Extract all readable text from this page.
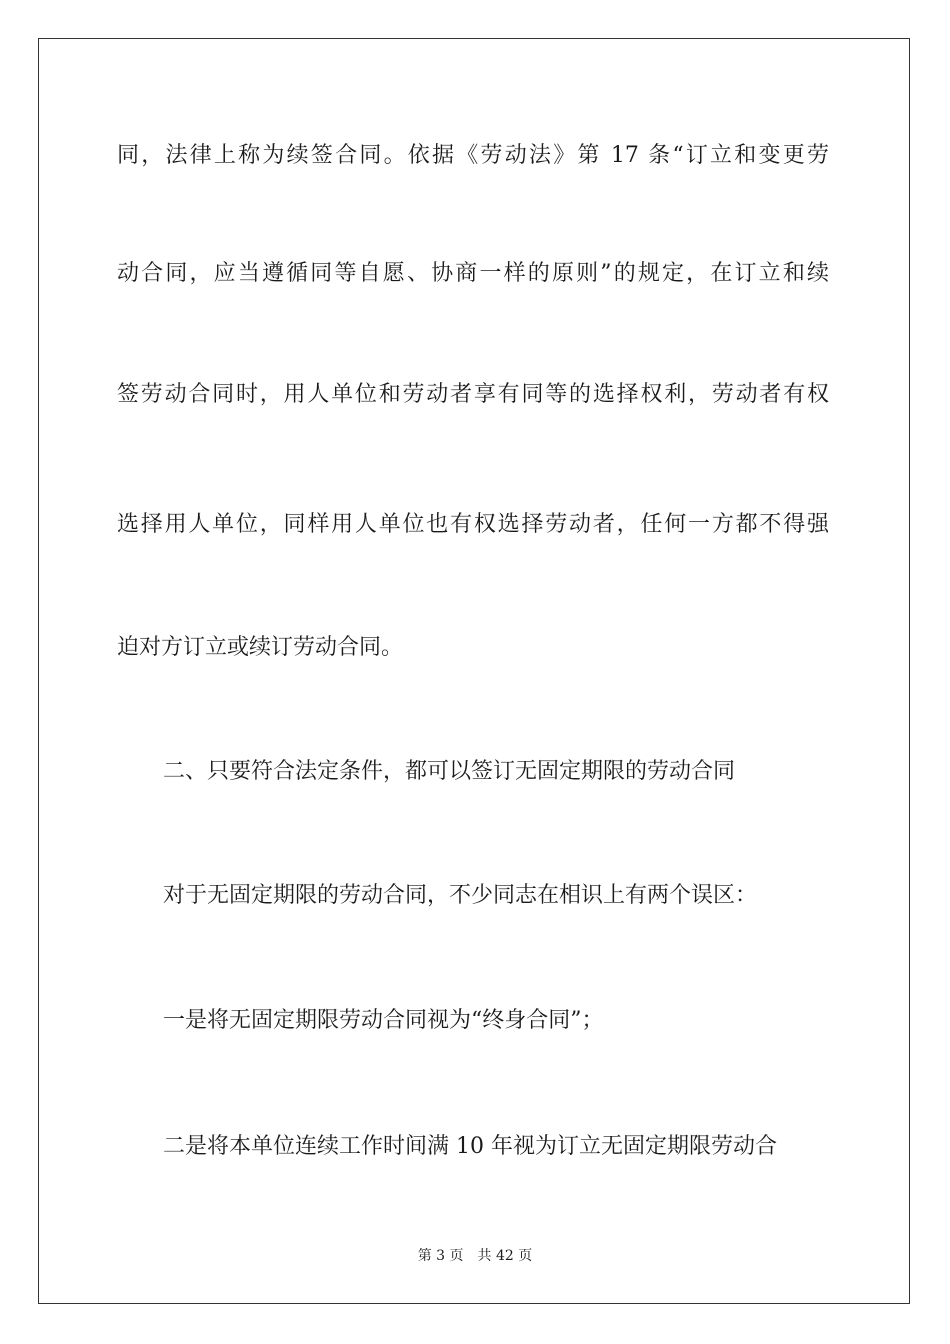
同，法律上称为续签合同。依据《劳动法》第 17 条“订立和变更劳
动合同，应当遵循同等自愿、协商一样的原则”的规定，在订立和续
签劳动合同时，用人单位和劳动者享有同等的选择权利，劳动者有权
选择用人单位，同样用人单位也有权选择劳动者，任何一方都不得强
迫对方订立或续订劳动合同。
二、只要符合法定条件，都可以签订无固定期限的劳动合同
对于无固定期限的劳动合同，不少同志在相识上有两个误区：
一是将无固定期限劳动合同视为“终身合同”；
二是将本单位连续工作时间满 10 年视为订立无固定期限劳动合
第 3 页 共 42 页
